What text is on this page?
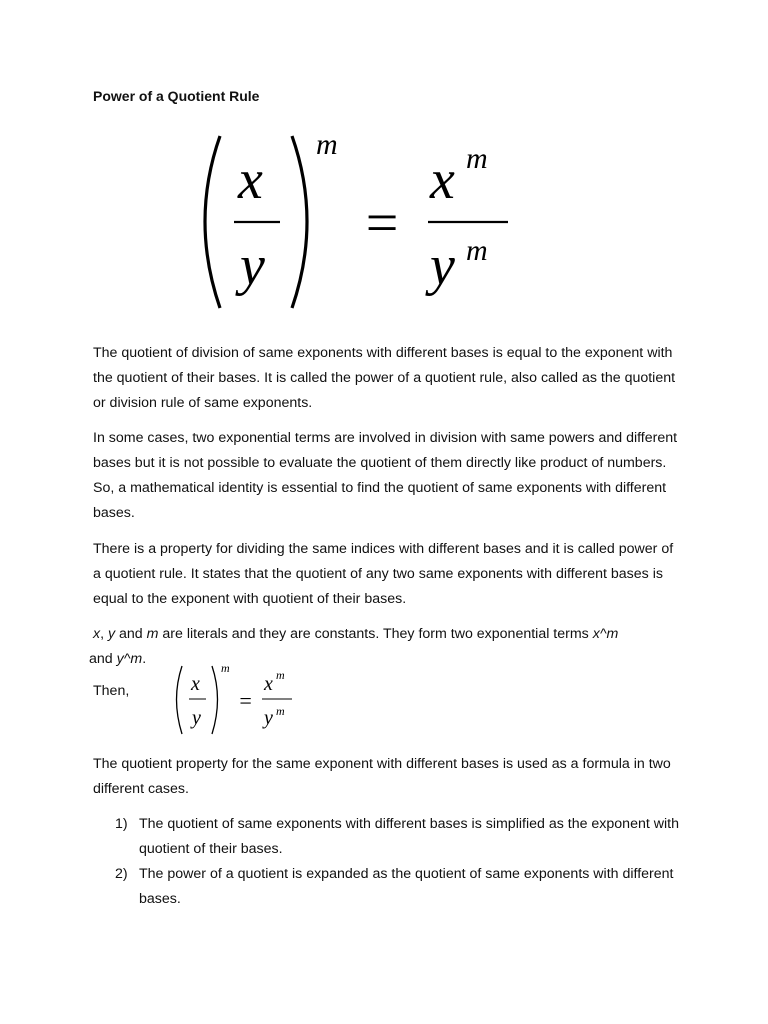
Power of a Quotient Rule

x
y
m
=
x m
y m

The quotient of division of same exponents with different bases is equal to the exponent with the quotient of their bases. It is called the power of a quotient rule, also called as the quotient or division rule of same exponents.

In some cases, two exponential terms are involved in division with same powers and different bases but it is not possible to evaluate the quotient of them directly like product of numbers. So, a mathematical identity is essential to find the quotient of same exponents with different bases.

There is a property for dividing the same indices with different bases and it is called power of a quotient rule. It states that the quotient of any two same exponents with different bases is equal to the exponent with quotient of their bases.

x, y and m are literals and they are constants. They form two exponential terms x^m
and y^m.

Then,	x
y
m
=
x m
y m

The quotient property for the same exponent with different bases is used as a formula in two different cases.

1) The quotient of same exponents with different bases is simplified as the exponent with quotient of their bases.
2) The power of a quotient is expanded as the quotient of same exponents with different bases.
